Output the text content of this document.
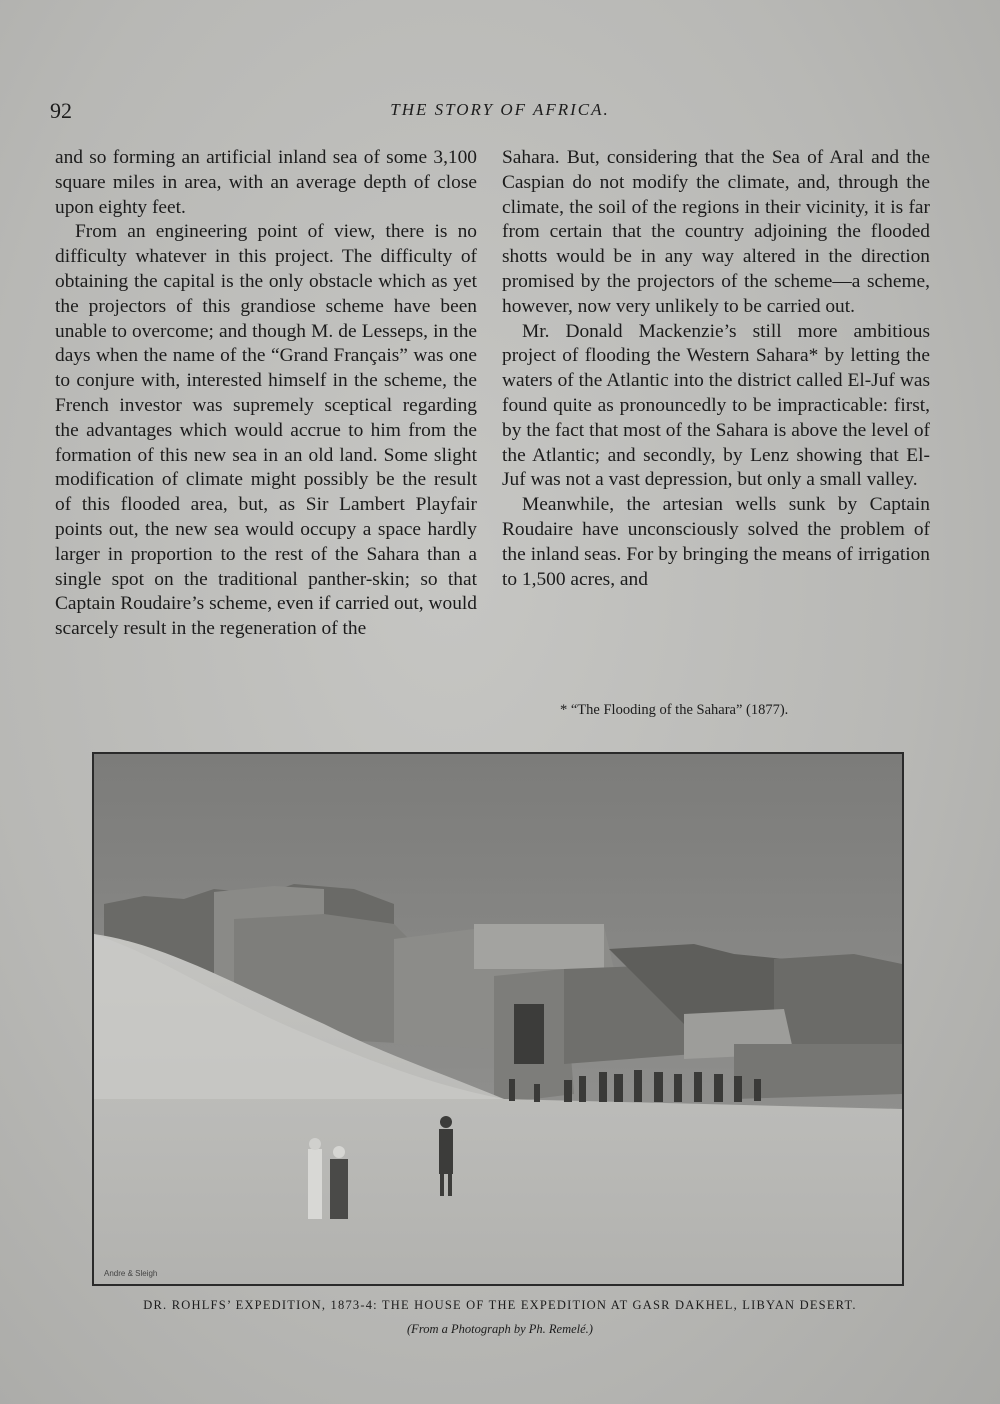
92	THE STORY OF AFRICA.

and so forming an artificial inland sea of some 3,100 square miles in area, with an average depth of close upon eighty feet.

From an engineering point of view, there is no difficulty whatever in this project. The difficulty of obtaining the capital is the only obstacle which as yet the projectors of this grandiose scheme have been unable to overcome; and though M. de Lesseps, in the days when the name of the “Grand Français” was one to conjure with, interested himself in the scheme, the French investor was supremely sceptical regarding the advantages which would accrue to him from the formation of this new sea in an old land. Some slight modification of climate might possibly be the result of this flooded area, but, as Sir Lambert Playfair points out, the new sea would occupy a space hardly larger in proportion to the rest of the Sahara than a single spot on the traditional panther-skin; so that Captain Roudaire’s scheme, even if carried out, would scarcely result in the regeneration of the

Sahara. But, considering that the Sea of Aral and the Caspian do not modify the climate, and, through the climate, the soil of the regions in their vicinity, it is far from certain that the country adjoining the flooded shotts would be in any way altered in the direction promised by the projectors of the scheme—a scheme, however, now very unlikely to be carried out.

Mr. Donald Mackenzie’s still more ambitious project of flooding the Western Sahara* by letting the waters of the Atlantic into the district called El-Juf was found quite as pronouncedly to be impracticable: first, by the fact that most of the Sahara is above the level of the Atlantic; and secondly, by Lenz showing that El-Juf was not a vast depression, but only a small valley.

Meanwhile, the artesian wells sunk by Captain Roudaire have unconsciously solved the problem of the inland seas. For by bringing the means of irrigation to 1,500 acres, and

* “The Flooding of the Sahara” (1877).
Andre & Sleigh
DR. ROHLFS’ EXPEDITION, 1873-4: THE HOUSE OF THE EXPEDITION AT GASR DAKHEL, LIBYAN DESERT.
(From a Photograph by Ph. Remelé.)
